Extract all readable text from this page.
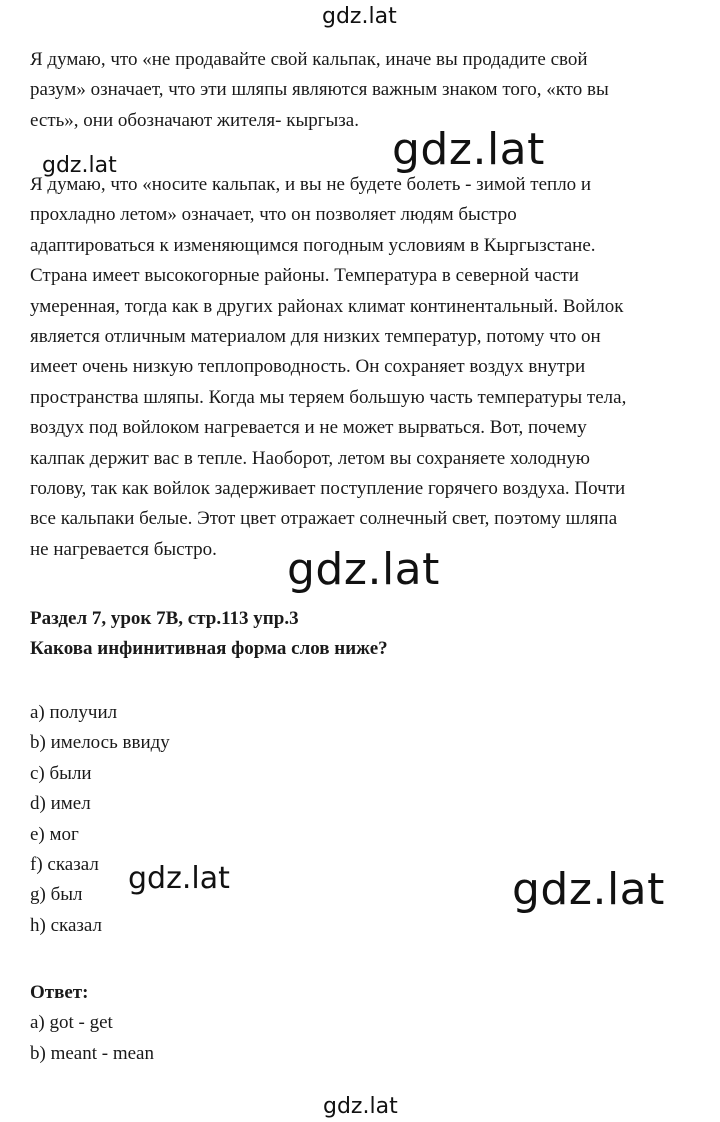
gdz.lat
gdz.lat	gdz.lat
gdz.lat
gdz.lat
gdz.lat
Я думаю, что «не продавайте свой кальпак, иначе вы продадите свой
разум» означает, что эти шляпы являются важным знаком того, «кто вы
есть», они обозначают жителя- кыргыза.
Я думаю, что «носите кальпак, и вы не будете болеть - зимой тепло и
прохладно летом» означает, что он позволяет людям быстро
адаптироваться к изменяющимся погодным условиям в Кыргызстане.
Страна имеет высокогорные районы. Температура в северной части
умеренная, тогда как в других районах климат континентальный. Войлок
является отличным материалом для низких температур, потому что он
имеет очень низкую теплопроводность. Он сохраняет воздух внутри
пространства шляпы. Когда мы теряем большую часть температуры тела,
воздух под войлоком нагревается и не может вырваться. Вот, почему
калпак держит вас в тепле. Наоборот, летом вы сохраняете холодную
голову, так как войлок задерживает поступление горячего воздуха. Почти
все кальпаки белые. Этот цвет отражает солнечный свет, поэтому шляпа
не нагревается быстро.
Раздел 7, урок 7B, стр.113 упр.3
Какова инфинитивная форма слов ниже?
a) получил
b) имелось ввиду
c) были
d) имел
e) мог
f) сказал
g) был
h) сказал
gdz.lat
Ответ:
a) got - get
b) meant - mean
